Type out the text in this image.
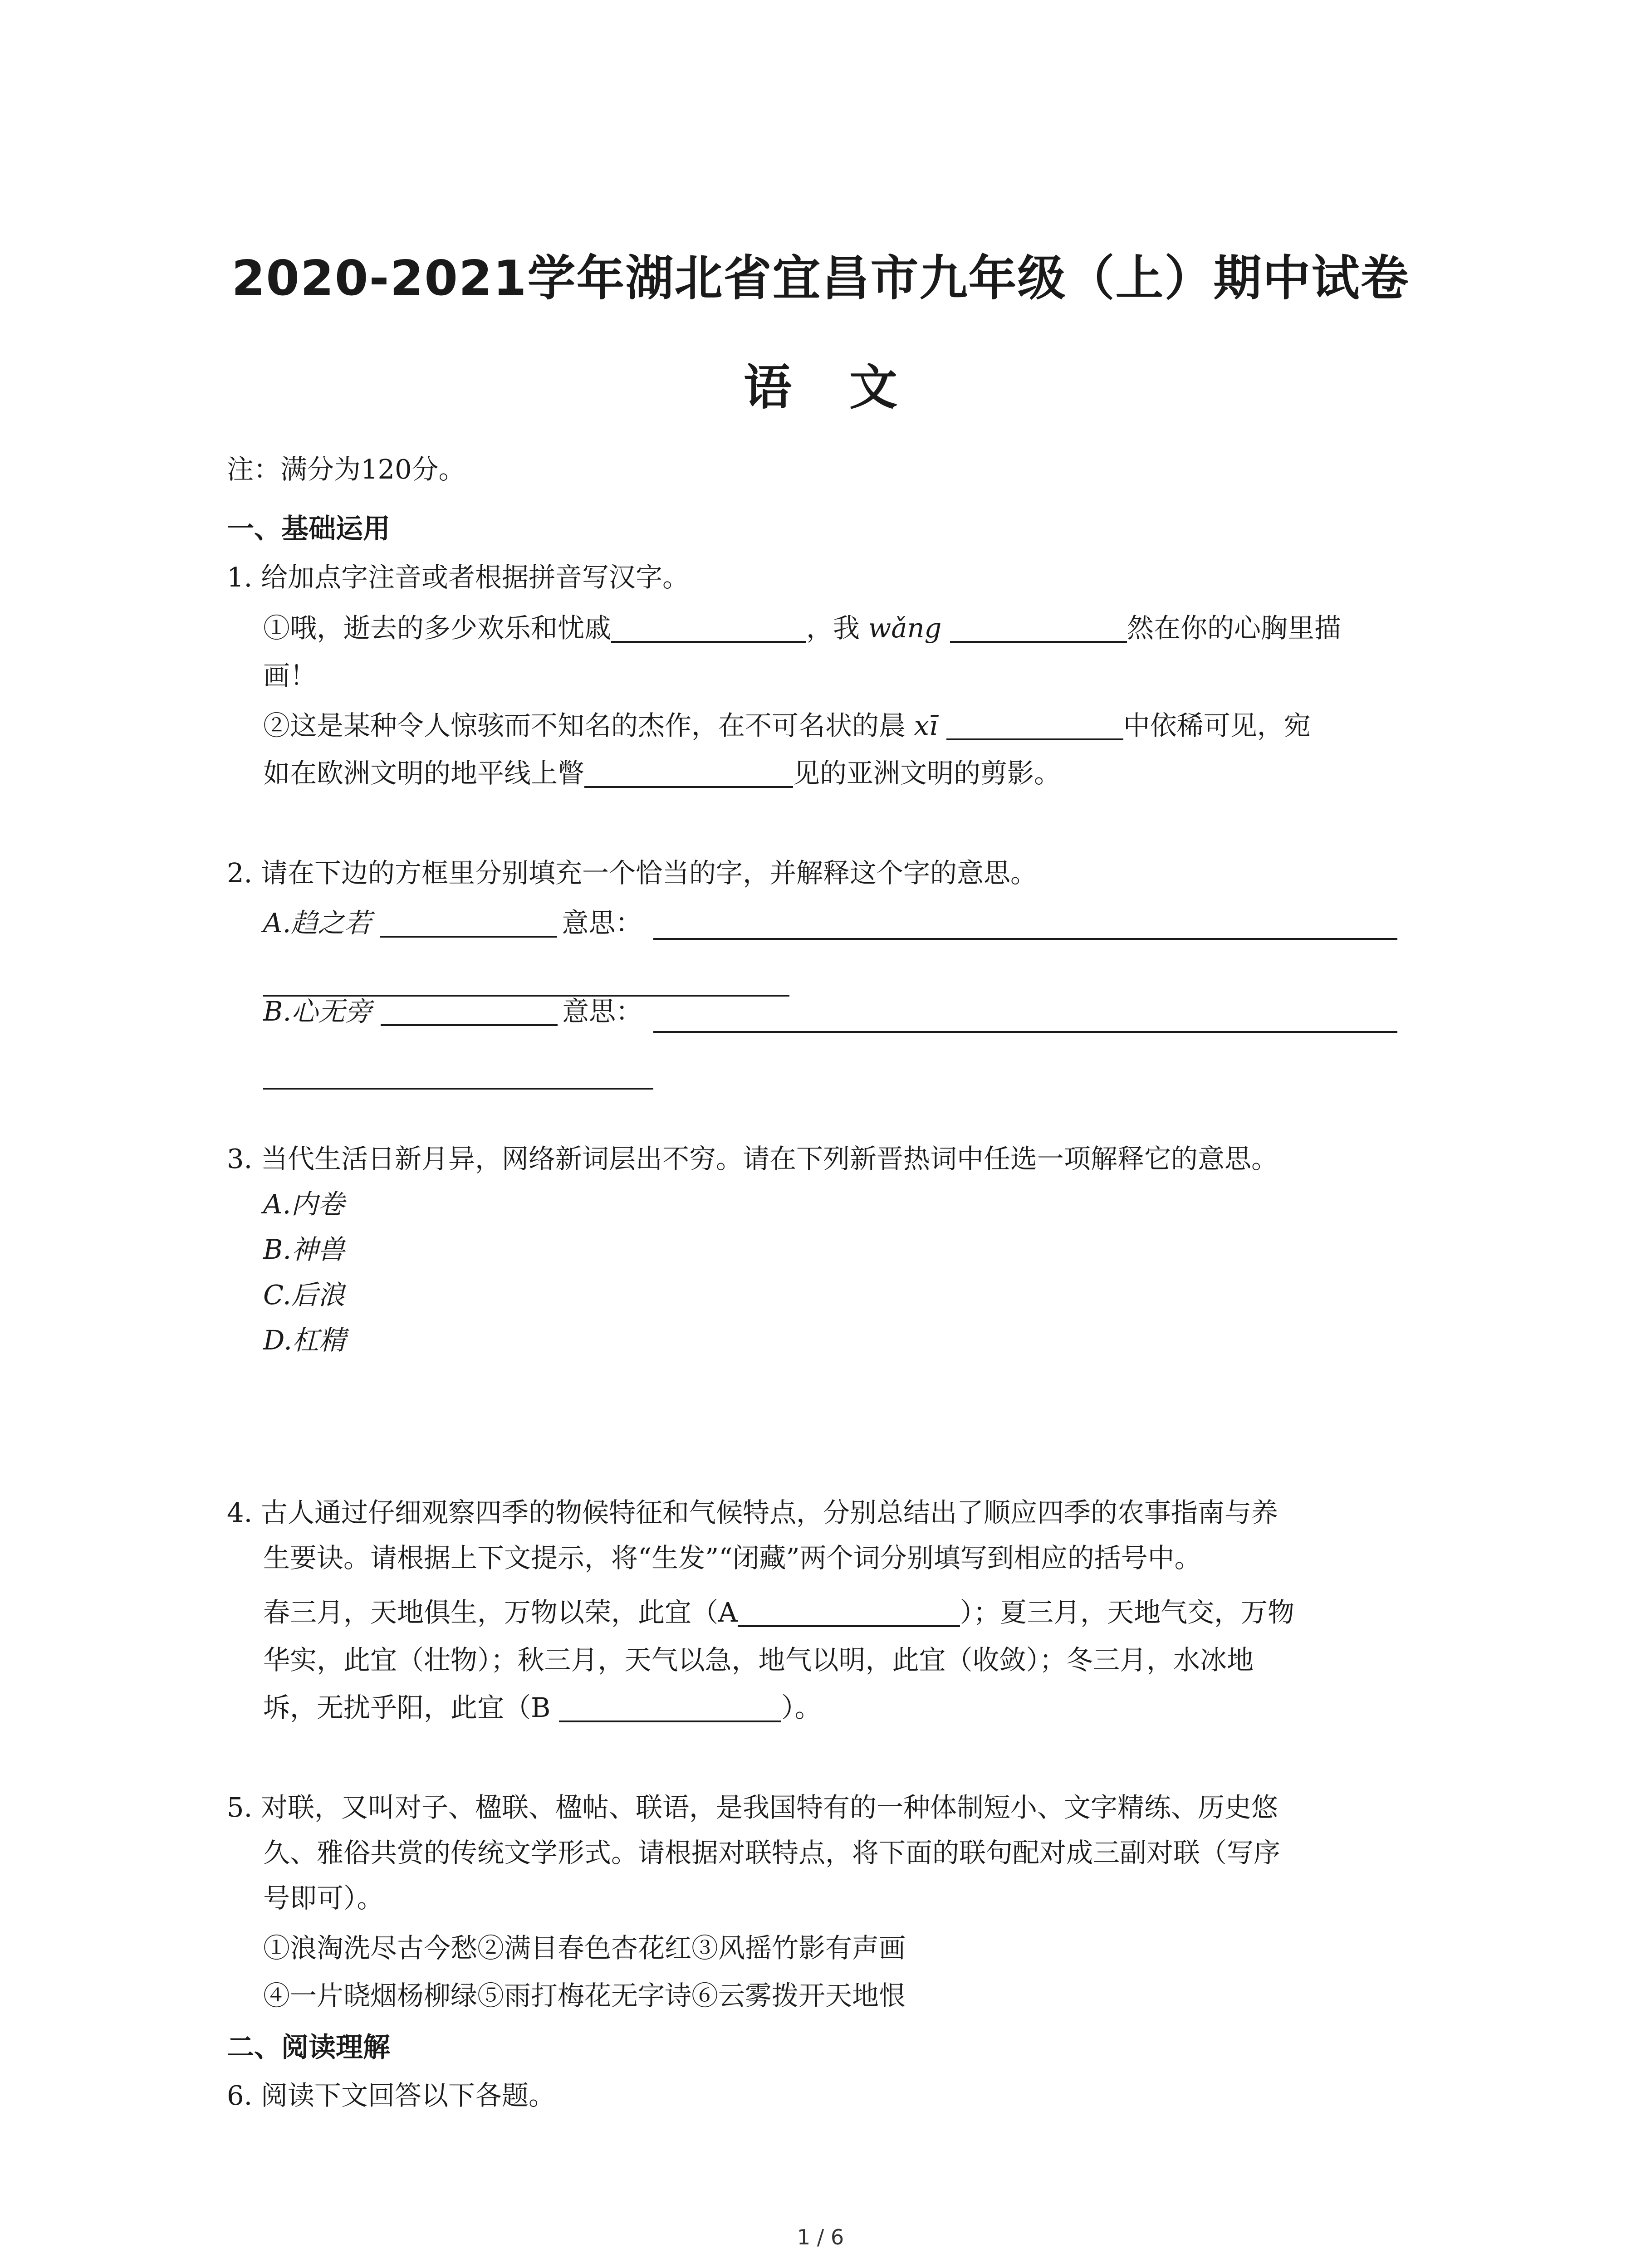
2020-2021学年湖北省宜昌市九年级（上）期中试卷
语 文
注：满分为120分。
一、基础运用
1. 给加点字注音或者根据拼音写汉字。
①哦，逝去的多少欢乐和忧戚	，我 wǎng	然在你的心胸里描
画！
②这是某种令人惊骇而不知名的杰作，在不可名状的晨 xī	中依稀可见，宛
如在欧洲文明的地平线上瞥	见的亚洲文明的剪影。
2. 请在下边的方框里分别填充一个恰当的字，并解释这个字的意思。
A.趋之若	意思：
B.心无旁	意思：
3. 当代生活日新月异，网络新词层出不穷。请在下列新晋热词中任选一项解释它的意思。
A.内卷
B.神兽
C.后浪
D.杠精
4. 古人通过仔细观察四季的物候特征和气候特点，分别总结出了顺应四季的农事指南与养
生要诀。请根据上下文提示，将“生发”“闭藏”两个词分别填写到相应的括号中。
春三月，天地俱生，万物以荣，此宜（A	）；夏三月，天地气交，万物
华实，此宜（壮物）；秋三月，天气以急，地气以明，此宜（收敛）；冬三月，水冰地
坼，无扰乎阳，此宜（B	）。
5. 对联，又叫对子、楹联、楹帖、联语，是我国特有的一种体制短小、文字精练、历史悠
久、雅俗共赏的传统文学形式。请根据对联特点，将下面的联句配对成三副对联（写序
号即可）。
①浪淘洗尽古今愁②满目春色杏花红③风摇竹影有声画
④一片晓烟杨柳绿⑤雨打梅花无字诗⑥云雾拨开天地恨
二、阅读理解
6. 阅读下文回答以下各题。
1 / 6
